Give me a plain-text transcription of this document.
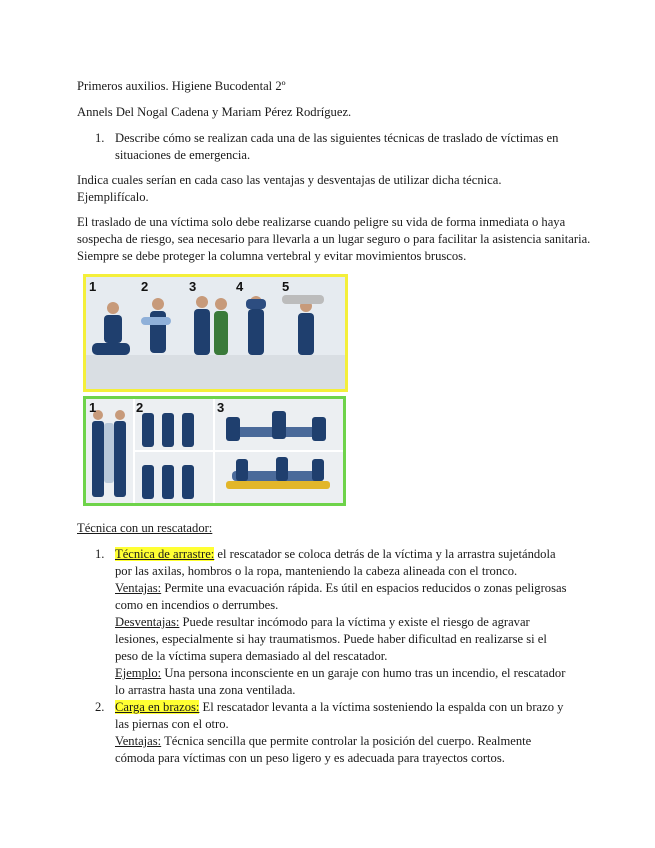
Primeros auxilios. Higiene Bucodental 2º

Annels Del Nogal Cadena y Mariam Pérez Rodríguez.

1. Describe cómo se realizan cada una de las siguientes técnicas de traslado de víctimas en
situaciones de emergencia.
Indica cuales serían en cada caso las ventajas y desventajas de utilizar dicha técnica.
Ejemplifícalo.
El traslado de una víctima solo debe realizarse cuando peligre su vida de forma inmediata o haya
sospecha de riesgo, sea necesario para llevarla a un lugar seguro o para facilitar la asistencia sanitaria.
Siempre se debe proteger la columna vertebral y evitar movimientos bruscos.
1	2	3	4	5
1	2	3

Técnica con un rescatador:

1. Técnica de arrastre: el rescatador se coloca detrás de la víctima y la arrastra sujetándola
por las axilas, hombros o la ropa, manteniendo la cabeza alineada con el tronco.
Ventajas: Permite una evacuación rápida. Es útil en espacios reducidos o zonas peligrosas
como en incendios o derrumbes.
Desventajas: Puede resultar incómodo para la víctima y existe el riesgo de agravar
lesiones, especialmente si hay traumatismos. Puede haber dificultad en realizarse si el
peso de la víctima supera demasiado al del rescatador.
Ejemplo: Una persona inconsciente en un garaje con humo tras un incendio, el rescatador
lo arrastra hasta una zona ventilada.
2. Carga en brazos: El rescatador levanta a la víctima sosteniendo la espalda con un brazo y
las piernas con el otro.
Ventajas: Técnica sencilla que permite controlar la posición del cuerpo. Realmente
cómoda para víctimas con un peso ligero y es adecuada para trayectos cortos.
